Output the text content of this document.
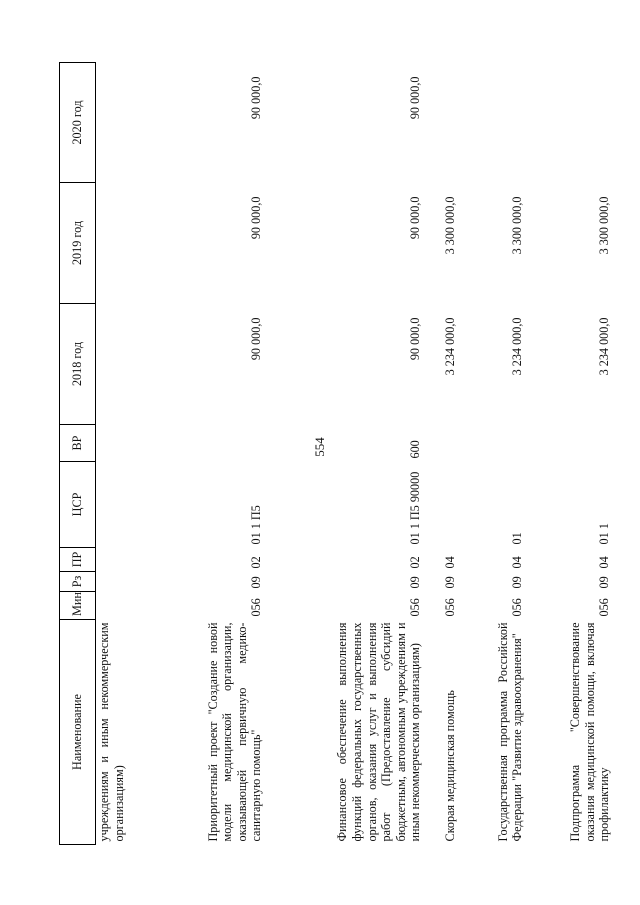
554
Наименование	Мин	Рз	ПР	ЦСР	ВР	2018 год	2019 год	2020 год
учреждениям и иным некоммерческим организациям)								
Приоритетный проект "Создание новой модели медицинской организации, оказывающей первичную медико-санитарную помощь"	056	09	02	01 1 П5		90 000,0	90 000,0	90 000,0
Финансовое обеспечение выполнения функций федеральных государственных органов, оказания услуг и выполнения работ (Предоставление субсидий бюджетным, автономным учреждениям и иным некоммерческим организациям)	056	09	02	01 1 П5 90000	600	90 000,0	90 000,0	90 000,0
Скорая медицинская помощь	056	09	04			3 234 000,0	3 300 000,0	
Государственная программа Российской Федерации "Развитие здравоохранения"	056	09	04	01		3 234 000,0	3 300 000,0	
Подпрограмма "Совершенствование оказания медицинской помощи, включая профилактику	056	09	04	01 1		3 234 000,0	3 300 000,0	
